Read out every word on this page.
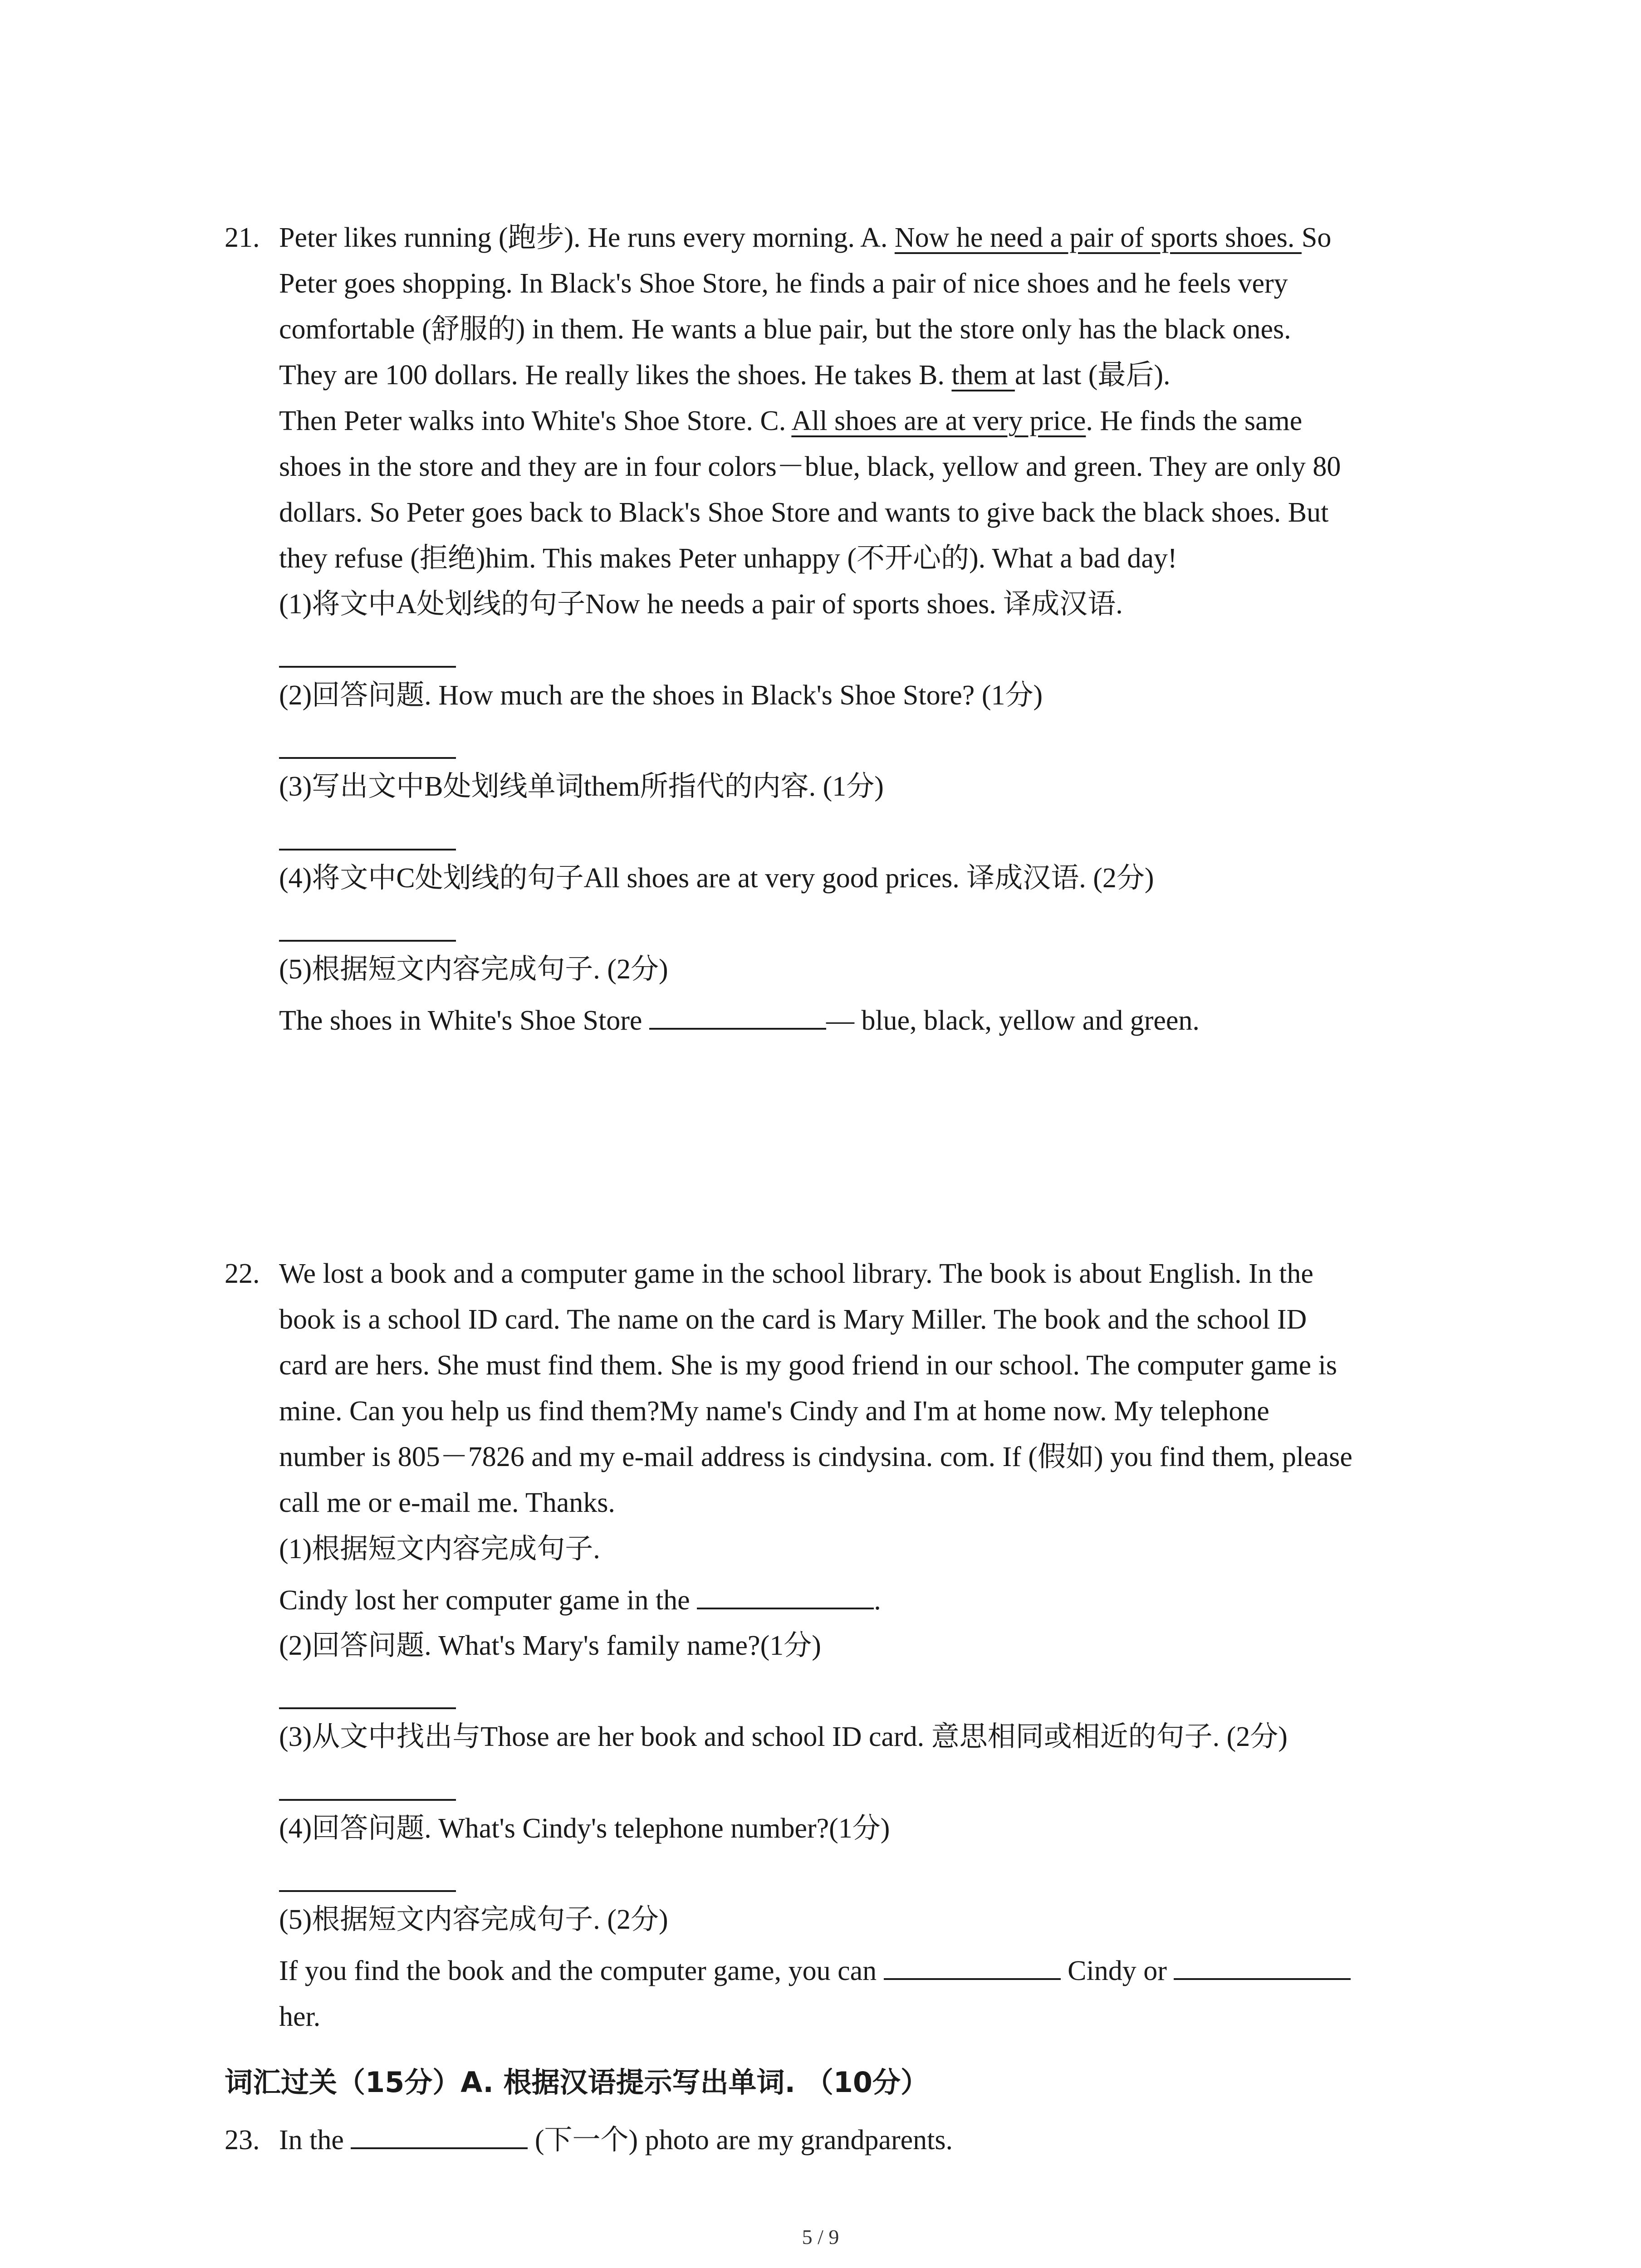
21. Peter likes running (跑步). He runs every morning. A. Now he need a pair of sports shoes. So
Peter goes shopping. In Black's Shoe Store, he finds a pair of nice shoes and he feels very
comfortable (舒服的) in them. He wants a blue pair, but the store only has the black ones.
They are 100 dollars. He really likes the shoes. He takes B. them at last (最后).
Then Peter walks into White's Shoe Store. C. All shoes are at very price. He finds the same
shoes in the store and they are in four colors－blue, black, yellow and green. They are only 80
dollars. So Peter goes back to Black's Shoe Store and wants to give back the black shoes. But
they refuse (拒绝)him. This makes Peter unhappy (不开心的). What a bad day!
(1)将文中A处划线的句子Now he needs a pair of sports shoes. 译成汉语.
(2)回答问题. How much are the shoes in Black's Shoe Store? (1分)
(3)写出文中B处划线单词them所指代的内容. (1分)
(4)将文中C处划线的句子All shoes are at very good prices. 译成汉语. (2分)
(5)根据短文内容完成句子. (2分)
The shoes in White's Shoe Store	— blue, black, yellow and green.
22. We lost a book and a computer game in the school library. The book is about English. In the
book is a school ID card. The name on the card is Mary Miller. The book and the school ID
card are hers. She must find them. She is my good friend in our school. The computer game is
mine. Can you help us find them?My name's Cindy and I'm at home now. My telephone
number is 805－7826 and my e-mail address is cindysina. com. If (假如) you find them, please
call me or e-mail me. Thanks.
(1)根据短文内容完成句子.
Cindy lost her computer game in the	.
(2)回答问题. What's Mary's family name?(1分)
(3)从文中找出与Those are her book and school ID card. 意思相同或相近的句子. (2分)
(4)回答问题. What's Cindy's telephone number?(1分)
(5)根据短文内容完成句子. (2分)
If you find the book and the computer game, you can	Cindy or
her.
词汇过关（15分）A. 根据汉语提示写出单词. （10分）
23. In the	(下一个) photo are my grandparents.
5 / 9
